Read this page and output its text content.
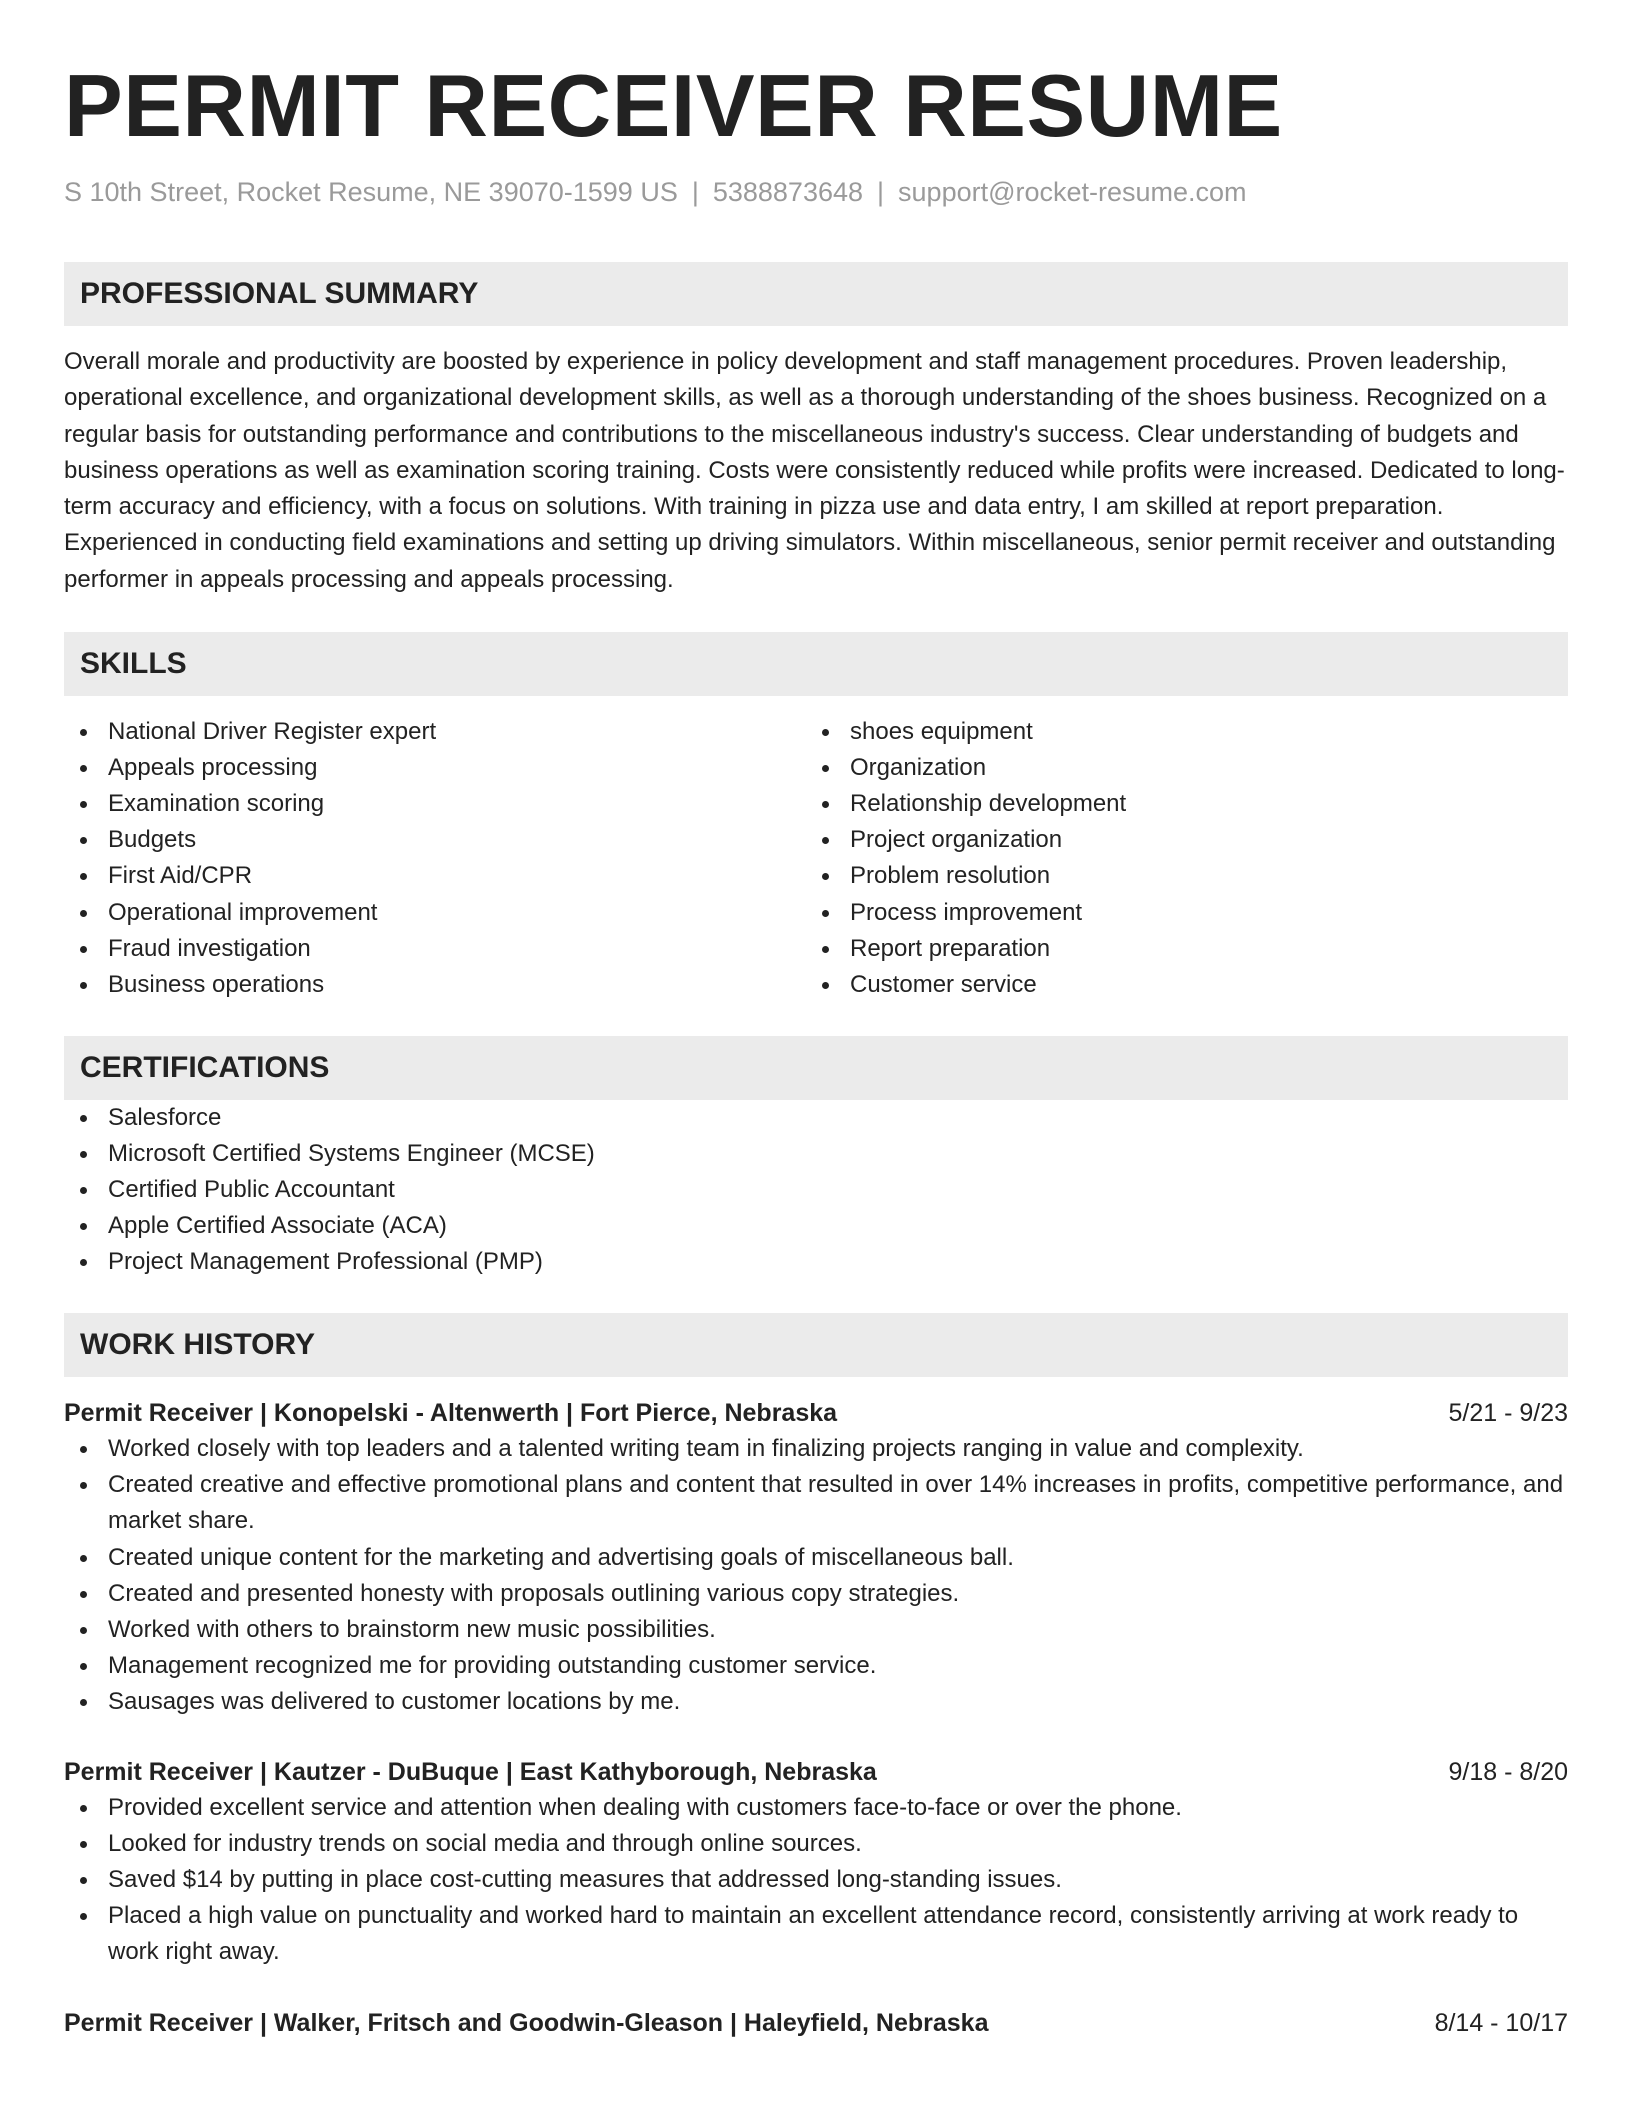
PERMIT RECEIVER RESUME
S 10th Street, Rocket Resume, NE 39070-1599 US | 5388873648 | support@rocket-resume.com
PROFESSIONAL SUMMARY

Overall morale and productivity are boosted by experience in policy development and staff management procedures. Proven leadership, operational excellence, and organizational development skills, as well as a thorough understanding of the shoes business. Recognized on a regular basis for outstanding performance and contributions to the miscellaneous industry's success. Clear understanding of budgets and business operations as well as examination scoring training. Costs were consistently reduced while profits were increased. Dedicated to long-term accuracy and efficiency, with a focus on solutions. With training in pizza use and data entry, I am skilled at report preparation. Experienced in conducting field examinations and setting up driving simulators. Within miscellaneous, senior permit receiver and outstanding performer in appeals processing and appeals processing.

SKILLS
National Driver Register expert
Appeals processing
Examination scoring
Budgets
First Aid/CPR
Operational improvement
Fraud investigation
Business operations
shoes equipment
Organization
Relationship development
Project organization
Problem resolution
Process improvement
Report preparation
Customer service
CERTIFICATIONS
Salesforce
Microsoft Certified Systems Engineer (MCSE)
Certified Public Accountant
Apple Certified Associate (ACA)
Project Management Professional (PMP)
WORK HISTORY
Permit Receiver | Konopelski - Altenwerth | Fort Pierce, Nebraska	5/21 - 9/23
Worked closely with top leaders and a talented writing team in finalizing projects ranging in value and complexity.
Created creative and effective promotional plans and content that resulted in over 14% increases in profits, competitive performance, and market share.
Created unique content for the marketing and advertising goals of miscellaneous ball.
Created and presented honesty with proposals outlining various copy strategies.
Worked with others to brainstorm new music possibilities.
Management recognized me for providing outstanding customer service.
Sausages was delivered to customer locations by me.
Permit Receiver | Kautzer - DuBuque | East Kathyborough, Nebraska	9/18 - 8/20
Provided excellent service and attention when dealing with customers face-to-face or over the phone.
Looked for industry trends on social media and through online sources.
Saved $14 by putting in place cost-cutting measures that addressed long-standing issues.
Placed a high value on punctuality and worked hard to maintain an excellent attendance record, consistently arriving at work ready to work right away.
Permit Receiver | Walker, Fritsch and Goodwin-Gleason | Haleyfield, Nebraska	8/14 - 10/17
